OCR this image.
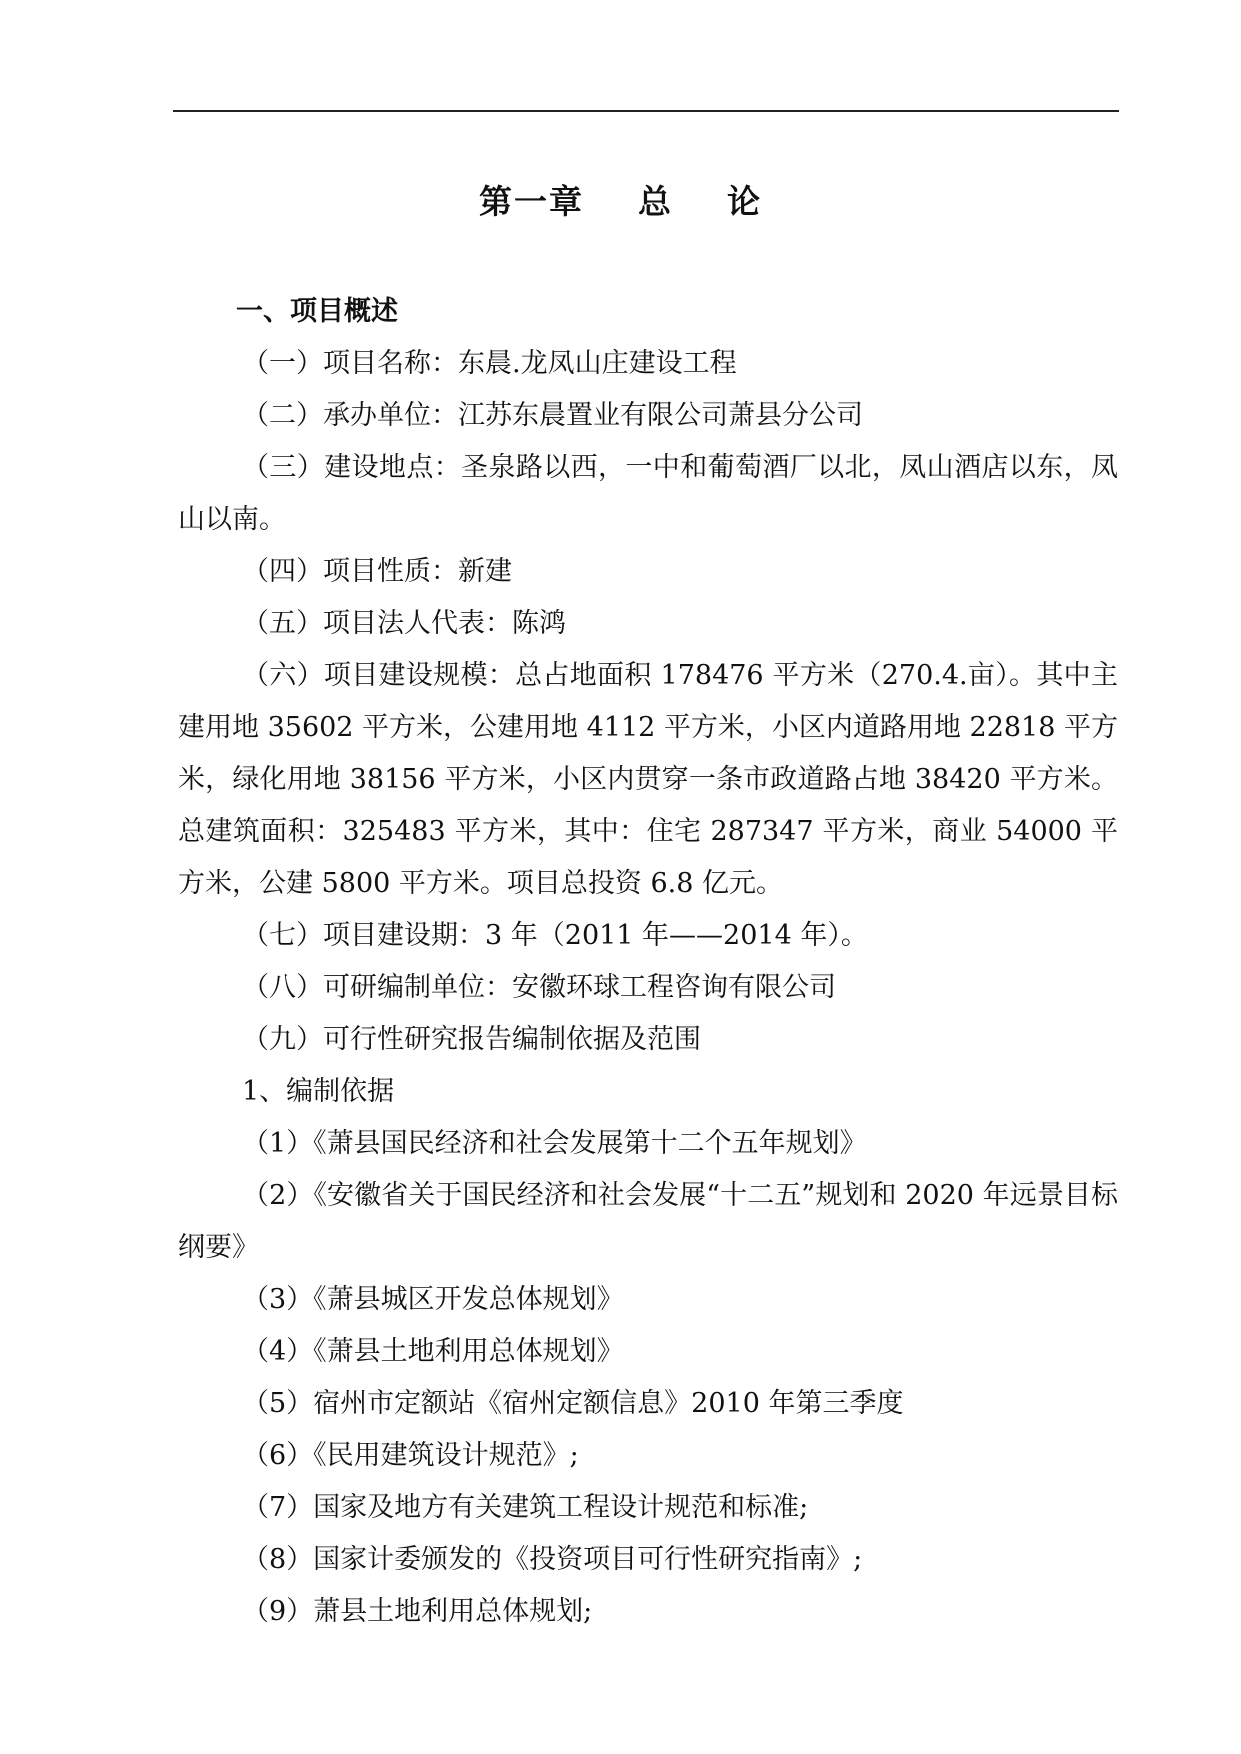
第一章    总    论
一、项目概述

（一）项目名称：东晨.龙凤山庄建设工程

（二）承办单位：江苏东晨置业有限公司萧县分公司

（三）建设地点：圣泉路以西，一中和葡萄酒厂以北，凤山酒店以东，凤山以南。

（四）项目性质：新建

（五）项目法人代表：陈鸿

（六）项目建设规模：总占地面积 178476 平方米（270.4.亩）。其中主建用地 35602 平方米，公建用地 4112 平方米，小区内道路用地 22818 平方米，绿化用地 38156 平方米，小区内贯穿一条市政道路占地 38420 平方米。总建筑面积：325483 平方米，其中：住宅 287347 平方米，商业 54000 平方米，公建 5800 平方米。项目总投资 6.8 亿元。

（七）项目建设期：3 年（2011 年——2014 年）。

（八）可研编制单位：安徽环球工程咨询有限公司

（九）可行性研究报告编制依据及范围

1、编制依据

（1）《萧县国民经济和社会发展第十二个五年规划》

（2）《安徽省关于国民经济和社会发展“十二五”规划和 2020 年远景目标纲要》

（3）《萧县城区开发总体规划》

（4）《萧县土地利用总体规划》

（5）宿州市定额站《宿州定额信息》2010 年第三季度

（6）《民用建筑设计规范》;

（7）国家及地方有关建筑工程设计规范和标准;

（8）国家计委颁发的《投资项目可行性研究指南》;

（9）萧县土地利用总体规划;
